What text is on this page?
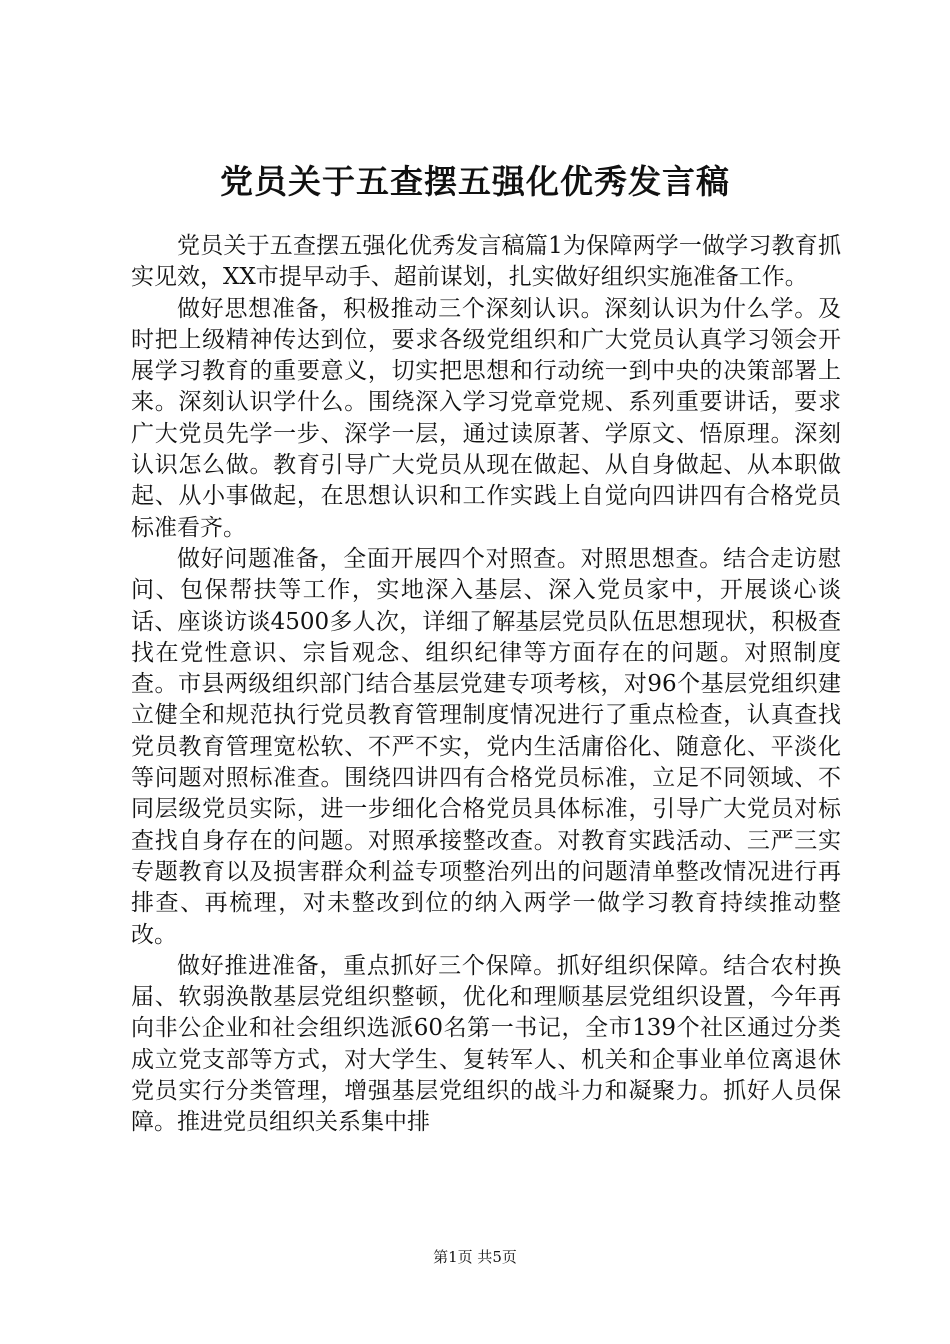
党员关于五查摆五强化优秀发言稿

党员关于五查摆五强化优秀发言稿篇1为保障两学一做学习教育抓实见效，XX市提早动手、超前谋划，扎实做好组织实施准备工作。

做好思想准备，积极推动三个深刻认识。深刻认识为什么学。及时把上级精神传达到位，要求各级党组织和广大党员认真学习领会开展学习教育的重要意义，切实把思想和行动统一到中央的决策部署上来。深刻认识学什么。围绕深入学习党章党规、系列重要讲话，要求广大党员先学一步、深学一层，通过读原著、学原文、悟原理。深刻认识怎么做。教育引导广大党员从现在做起、从自身做起、从本职做起、从小事做起，在思想认识和工作实践上自觉向四讲四有合格党员标准看齐。

做好问题准备，全面开展四个对照查。对照思想查。结合走访慰问、包保帮扶等工作，实地深入基层、深入党员家中，开展谈心谈话、座谈访谈4500多人次，详细了解基层党员队伍思想现状，积极查找在党性意识、宗旨观念、组织纪律等方面存在的问题。对照制度查。市县两级组织部门结合基层党建专项考核，对96个基层党组织建立健全和规范执行党员教育管理制度情况进行了重点检查，认真查找党员教育管理宽松软、不严不实，党内生活庸俗化、随意化、平淡化等问题对照标准查。围绕四讲四有合格党员标准，立足不同领域、不同层级党员实际，进一步细化合格党员具体标准，引导广大党员对标查找自身存在的问题。对照承接整改查。对教育实践活动、三严三实专题教育以及损害群众利益专项整治列出的问题清单整改情况进行再排查、再梳理，对未整改到位的纳入两学一做学习教育持续推动整改。

做好推进准备，重点抓好三个保障。抓好组织保障。结合农村换届、软弱涣散基层党组织整顿，优化和理顺基层党组织设置，今年再向非公企业和社会组织选派60名第一书记，全市139个社区通过分类成立党支部等方式，对大学生、复转军人、机关和企事业单位离退休党员实行分类管理，增强基层党组织的战斗力和凝聚力。抓好人员保障。推进党员组织关系集中排

第1页 共5页
